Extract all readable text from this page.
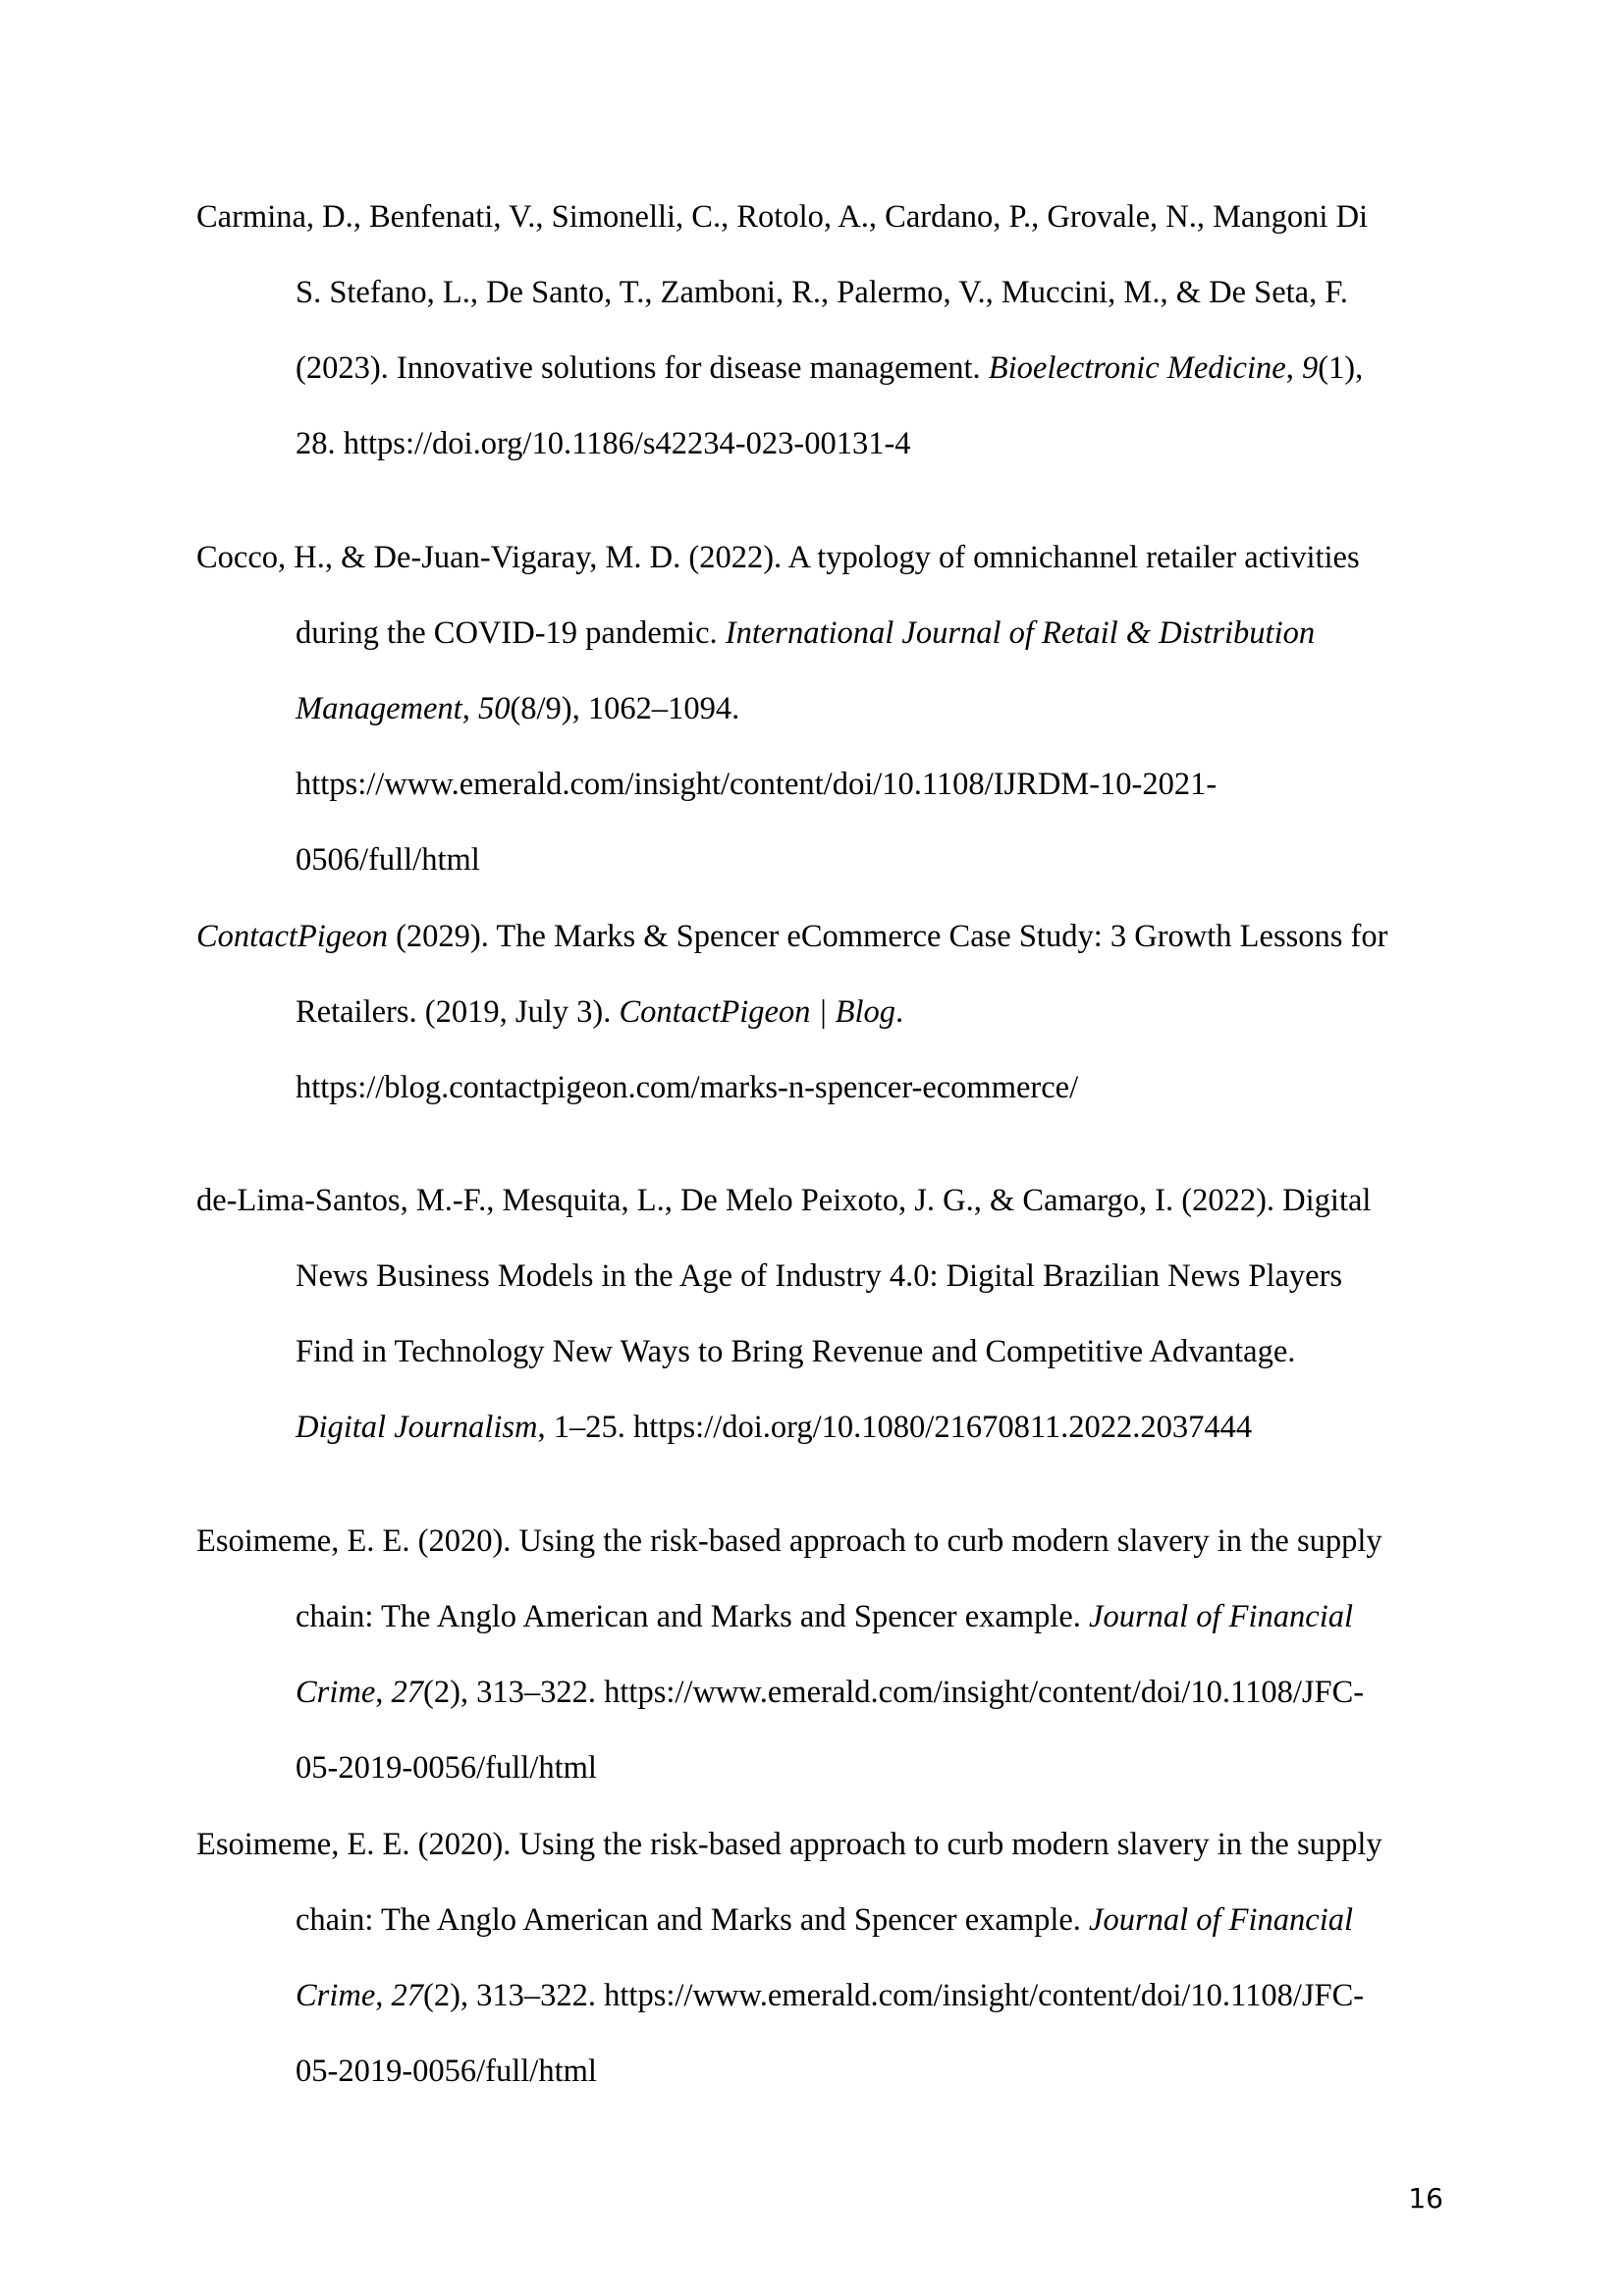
Carmina, D., Benfenati, V., Simonelli, C., Rotolo, A., Cardano, P., Grovale, N., Mangoni Di
S. Stefano, L., De Santo, T., Zamboni, R., Palermo, V., Muccini, M., & De Seta, F.
(2023). Innovative solutions for disease management. Bioelectronic Medicine, 9(1),
28. https://doi.org/10.1186/s42234-023-00131-4
Cocco, H., & De-Juan-Vigaray, M. D. (2022). A typology of omnichannel retailer activities
during the COVID-19 pandemic. International Journal of Retail & Distribution
Management, 50(8/9), 1062–1094.
https://www.emerald.com/insight/content/doi/10.1108/IJRDM-10-2021-
0506/full/html
ContactPigeon (2029). The Marks & Spencer eCommerce Case Study: 3 Growth Lessons for
Retailers. (2019, July 3). ContactPigeon | Blog.
https://blog.contactpigeon.com/marks-n-spencer-ecommerce/
de-Lima-Santos, M.-F., Mesquita, L., De Melo Peixoto, J. G., & Camargo, I. (2022). Digital
News Business Models in the Age of Industry 4.0: Digital Brazilian News Players
Find in Technology New Ways to Bring Revenue and Competitive Advantage.
Digital Journalism, 1–25. https://doi.org/10.1080/21670811.2022.2037444
Esoimeme, E. E. (2020). Using the risk-based approach to curb modern slavery in the supply
chain: The Anglo American and Marks and Spencer example. Journal of Financial
Crime, 27(2), 313–322. https://www.emerald.com/insight/content/doi/10.1108/JFC-
05-2019-0056/full/html
Esoimeme, E. E. (2020). Using the risk-based approach to curb modern slavery in the supply
chain: The Anglo American and Marks and Spencer example. Journal of Financial
Crime, 27(2), 313–322. https://www.emerald.com/insight/content/doi/10.1108/JFC-
05-2019-0056/full/html
16
